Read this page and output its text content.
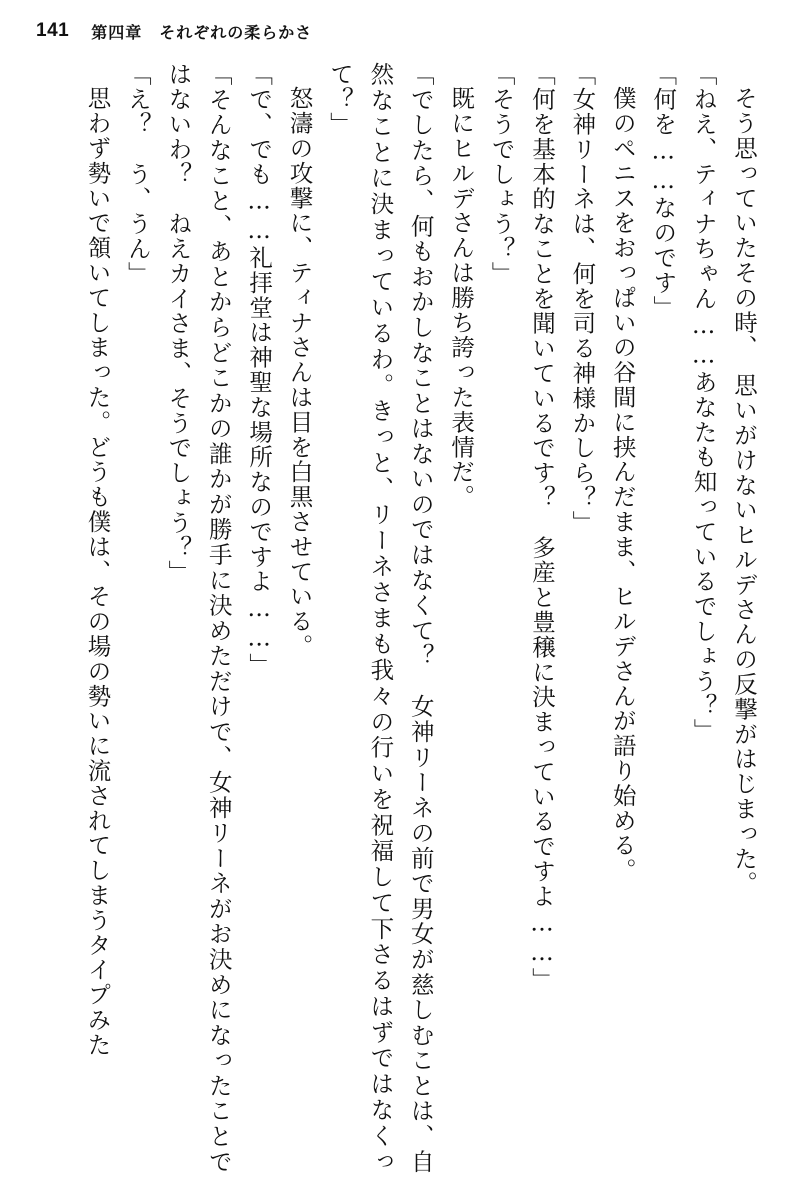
141 第四章　それぞれの柔らかさ

そう思っていたその時、　思いがけないヒルデさんの反撃がはじまった。

「ねえ、ティナちゃん……あなたも知っているでしょう？」

「何を……なのです」

僕のペニスをおっぱいの谷間に挟んだまま、ヒルデさんが語り始める。

「女神リーネは、何を司る神様かしら？」

「何を基本的なことを聞いているです？　多産と豊穣に決まっているですよ……」

「そうでしょう？」

既にヒルデさんは勝ち誇った表情だ。

「でしたら、何もおかしなことはないのではなくて？　女神リーネの前で男女が慈しむことは、自然なことに決まっているわ。きっと、リーネさまも我々の行いを祝福して下さるはずではなくって？」

怒濤の攻撃に、ティナさんは目を白黒させている。

「で、でも……礼拝堂は神聖な場所なのですよ……」

「そんなこと、あとからどこかの誰かが勝手に決めただけで、女神リーネがお決めになったことではないわ？　ねえカイさま、そうでしょう？」

「え？　う、うん」

思わず勢いで頷いてしまった。どうも僕は、その場の勢いに流されてしまうタイプみた
